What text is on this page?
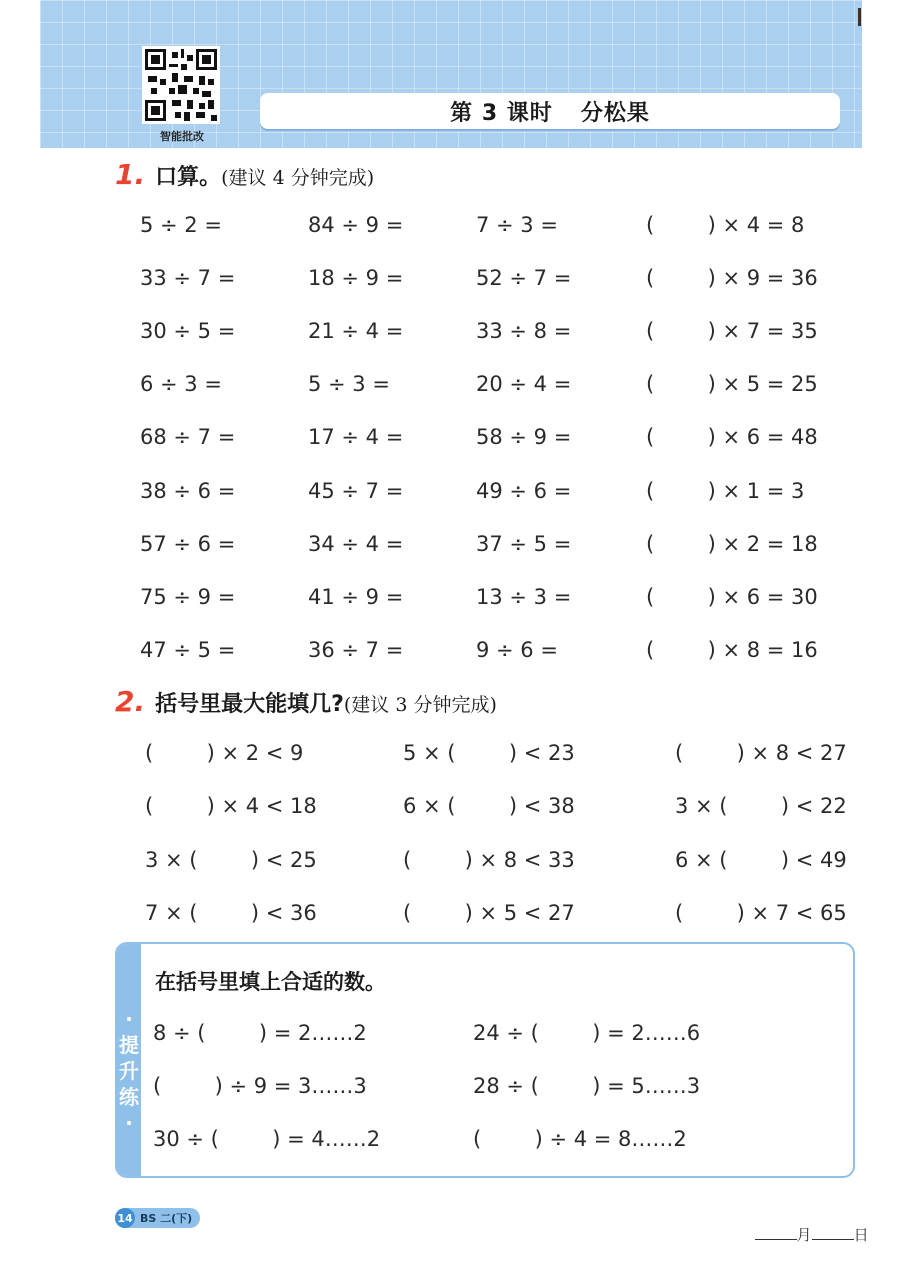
智能批改
第 3 课时 分松果
1. 口算。 (建议 4 分钟完成)
5 ÷ 2 =	84 ÷ 9 =	7 ÷ 3 =	(        ) × 4 = 8
33 ÷ 7 =	18 ÷ 9 =	52 ÷ 7 =	(        ) × 9 = 36
30 ÷ 5 =	21 ÷ 4 =	33 ÷ 8 =	(        ) × 7 = 35
6 ÷ 3 =	5 ÷ 3 =	20 ÷ 4 =	(        ) × 5 = 25
68 ÷ 7 =	17 ÷ 4 =	58 ÷ 9 =	(        ) × 6 = 48
38 ÷ 6 =	45 ÷ 7 =	49 ÷ 6 =	(        ) × 1 = 3
57 ÷ 6 =	34 ÷ 4 =	37 ÷ 5 =	(        ) × 2 = 18
75 ÷ 9 =	41 ÷ 9 =	13 ÷ 3 =	(        ) × 6 = 30
47 ÷ 5 =	36 ÷ 7 =	9 ÷ 6 =	(        ) × 8 = 16
2. 括号里最大能填几? (建议 3 分钟完成)
(        ) × 2 < 9	5 × (        ) < 23	(        ) × 8 < 27
(        ) × 4 < 18	6 × (        ) < 38	3 × (        ) < 22
3 × (        ) < 25	(        ) × 8 < 33	6 × (        ) < 49
7 × (        ) < 36	(        ) × 5 < 27	(        ) × 7 < 65
·
提
升
练
·
在括号里填上合适的数。
8 ÷ (        ) = 2……2	24 ÷ (        ) = 2……6
(        ) ÷ 9 = 3……3	28 ÷ (        ) = 5……3
30 ÷ (        ) = 4……2	(        ) ÷ 4 = 8……2
14 BS 二(下)

月	日
